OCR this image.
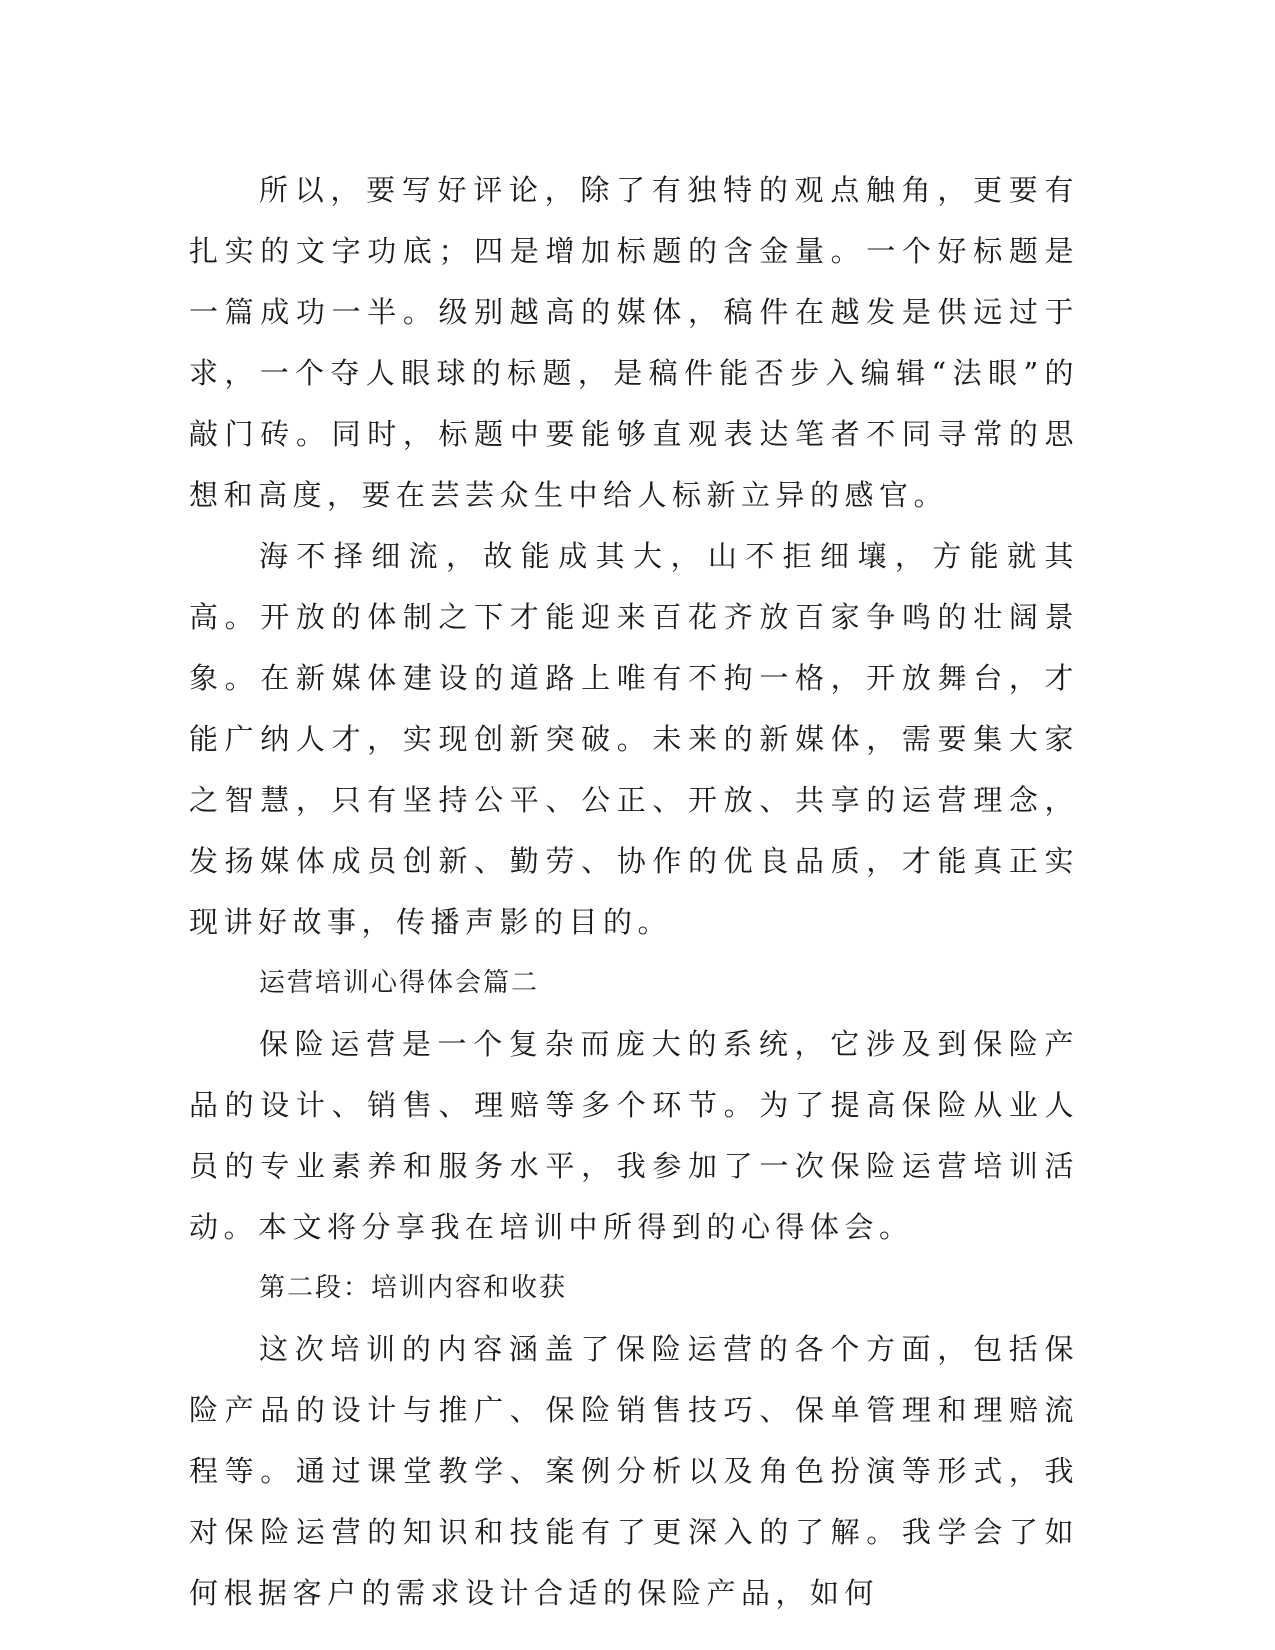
所以，要写好评论，除了有独特的观点触角，更要有扎实的文字功底；四是增加标题的含金量。一个好标题是一篇成功一半。级别越高的媒体，稿件在越发是供远过于求，一个夺人眼球的标题，是稿件能否步入编辑“法眼”的敲门砖。同时，标题中要能够直观表达笔者不同寻常的思想和高度，要在芸芸众生中给人标新立异的感官。

海不择细流，故能成其大，山不拒细壤，方能就其高。开放的体制之下才能迎来百花齐放百家争鸣的壮阔景象。在新媒体建设的道路上唯有不拘一格，开放舞台，才能广纳人才，实现创新突破。未来的新媒体，需要集大家之智慧，只有坚持公平、公正、开放、共享的运营理念，发扬媒体成员创新、勤劳、协作的优良品质，才能真正实现讲好故事，传播声影的目的。

运营培训心得体会篇二

保险运营是一个复杂而庞大的系统，它涉及到保险产品的设计、销售、理赔等多个环节。为了提高保险从业人员的专业素养和服务水平，我参加了一次保险运营培训活动。本文将分享我在培训中所得到的心得体会。

第二段：培训内容和收获

这次培训的内容涵盖了保险运营的各个方面，包括保险产品的设计与推广、保险销售技巧、保单管理和理赔流程等。通过课堂教学、案例分析以及角色扮演等形式，我对保险运营的知识和技能有了更深入的了解。我学会了如何根据客户的需求设计合适的保险产品，如何
